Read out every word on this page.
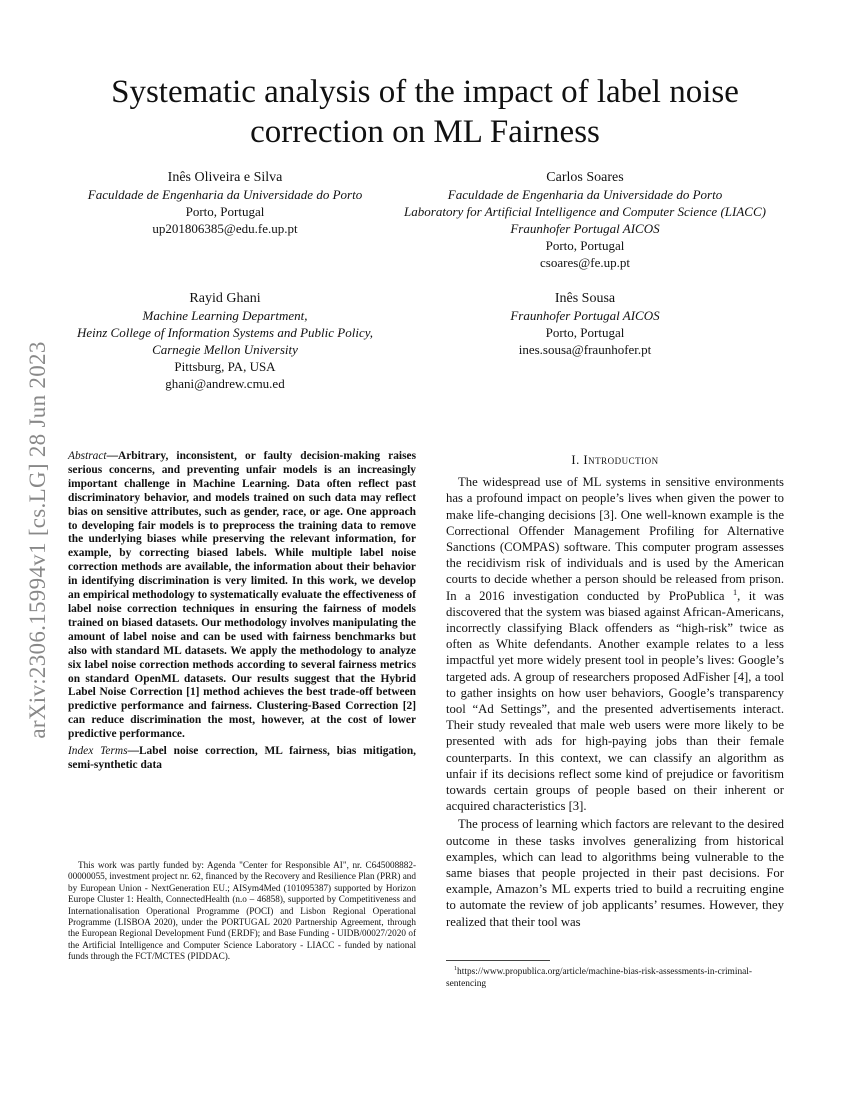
arXiv:2306.15994v1 [cs.LG] 28 Jun 2023
Systematic analysis of the impact of label noise correction on ML Fairness
Inês Oliveira e Silva
Faculdade de Engenharia da Universidade do Porto
Porto, Portugal
up201806385@edu.fe.up.pt
Carlos Soares
Faculdade de Engenharia da Universidade do Porto
Laboratory for Artificial Intelligence and Computer Science (LIACC)
Fraunhofer Portugal AICOS
Porto, Portugal
csoares@fe.up.pt
Rayid Ghani
Machine Learning Department,
Heinz College of Information Systems and Public Policy,
Carnegie Mellon University
Pittsburg, PA, USA
ghani@andrew.cmu.ed
Inês Sousa
Fraunhofer Portugal AICOS
Porto, Portugal
ines.sousa@fraunhofer.pt
Abstract—Arbitrary, inconsistent, or faulty decision-making raises serious concerns, and preventing unfair models is an increasingly important challenge in Machine Learning. Data often reflect past discriminatory behavior, and models trained on such data may reflect bias on sensitive attributes, such as gender, race, or age. One approach to developing fair models is to preprocess the training data to remove the underlying biases while preserving the relevant information, for example, by correcting biased labels. While multiple label noise correction methods are available, the information about their behavior in identifying discrimination is very limited. In this work, we develop an empirical methodology to systematically evaluate the effectiveness of label noise correction techniques in ensuring the fairness of models trained on biased datasets. Our methodology involves manipulating the amount of label noise and can be used with fairness benchmarks but also with standard ML datasets. We apply the methodology to analyze six label noise correction methods according to several fairness metrics on standard OpenML datasets. Our results suggest that the Hybrid Label Noise Correction [1] method achieves the best trade-off between predictive performance and fairness. Clustering-Based Correction [2] can reduce discrimination the most, however, at the cost of lower predictive performance.
Index Terms—Label noise correction, ML fairness, bias mitigation, semi-synthetic data
This work was partly funded by: Agenda "Center for Responsible AI", nr. C645008882-00000055, investment project nr. 62, financed by the Recovery and Resilience Plan (PRR) and by European Union - NextGeneration EU.; AISym4Med (101095387) supported by Horizon Europe Cluster 1: Health, ConnectedHealth (n.o – 46858), supported by Competitiveness and Internationalisation Operational Programme (POCI) and Lisbon Regional Operational Programme (LISBOA 2020), under the PORTUGAL 2020 Partnership Agreement, through the European Regional Development Fund (ERDF); and Base Funding - UIDB/00027/2020 of the Artificial Intelligence and Computer Science Laboratory - LIACC - funded by national funds through the FCT/MCTES (PIDDAC).
I. Introduction

The widespread use of ML systems in sensitive environments has a profound impact on people’s lives when given the power to make life-changing decisions [3]. One well-known example is the Correctional Offender Management Profiling for Alternative Sanctions (COMPAS) software. This computer program assesses the recidivism risk of individuals and is used by the American courts to decide whether a person should be released from prison. In a 2016 investigation conducted by ProPublica $^1$, it was discovered that the system was biased against African-Americans, incorrectly classifying Black offenders as “high-risk” twice as often as White defendants. Another example relates to a less impactful yet more widely present tool in people’s lives: Google’s targeted ads. A group of researchers proposed AdFisher [4], a tool to gather insights on how user behaviors, Google’s transparency tool “Ad Settings”, and the presented advertisements interact. Their study revealed that male web users were more likely to be presented with ads for high-paying jobs than their female counterparts. In this context, we can classify an algorithm as unfair if its decisions reflect some kind of prejudice or favoritism towards certain groups of people based on their inherent or acquired characteristics [3].

The process of learning which factors are relevant to the desired outcome in these tasks involves generalizing from historical examples, which can lead to algorithms being vulnerable to the same biases that people projected in their past decisions. For example, Amazon’s ML experts tried to build a recruiting engine to automate the review of job applicants’ resumes. However, they realized that their tool was

$^1$https://www.propublica.org/article/machine-bias-risk-assessments-in-criminal-sentencing
